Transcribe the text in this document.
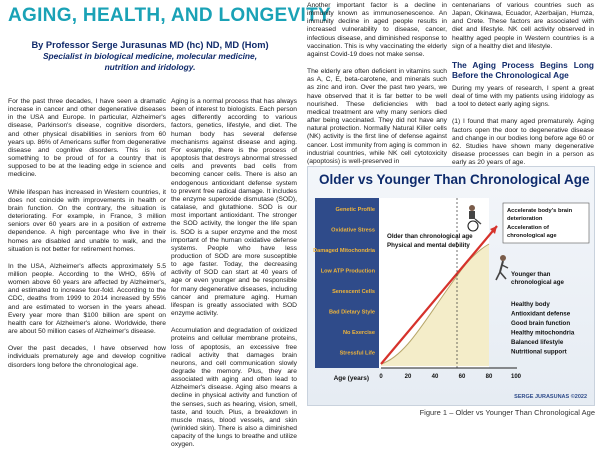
AGING, HEALTH, AND LONGEVITY

By Professor Serge Jurasunas MD (hc) ND, MD (Hom)

Specialist in biological medicine, molecular medicine,
nutrition and iridology.

For the past three decades, I have seen a dramatic increase in cancer and other degenerative diseases in the USA and Europe. In particular, Alzheimer's disease, Parkinson's disease, cognitive disorders, and other physical disabilities in seniors from 60 years up. 86% of Americans suffer from degenerative disease and cognitive disorders. This is not something to be proud of for a country that is supposed to be at the leading edge in science and medicine.

While lifespan has increased in Western countries, it does not coincide with improvements in health or brain function. On the contrary, the situation is deteriorating. For example, in France, 3 million seniors over 60 years are in a position of extreme dependence. A high percentage who live in their homes are disabled and unable to walk, and the situation is not better for retirement homes.

In the USA, Alzheimer's affects approximately 5.5 million people. According to the WHO, 65% of women above 60 years are affected by Alzheimer's, and estimated to increase four-fold. According to the CDC, deaths from 1999 to 2014 increased by 55% and are estimated to worsen in the years ahead. Every year more than $100 billion are spent on health care for Alzheimer's alone. Worldwide, there are about 50 million cases of Alzheimer's disease.

Over the past decades, I have observed how individuals prematurely age and develop cognitive disorders long before the chronological age.

Aging is a normal process that has always been of interest to biologists. Each person ages differently according to various factors, genetics, lifestyle, and diet. The human body has several defense mechanisms against disease and aging. For example, there is the process of apoptosis that destroys abnormal stressed cells and prevents bad cells from becoming cancer cells. There is also an endogenous antioxidant defense system to prevent free radical damage. It includes the enzyme superoxide dismutase (SOD), catalase, and glutathione. SOD is our most important antioxidant. The stronger the SOD activity, the longer the life span is. SOD is a super enzyme and the most important of the human oxidative defense systems. People who have less production of SOD are more susceptible to age faster. Today, the decreasing activity of SOD can start at 40 years of age or even younger and be responsible for many degenerative diseases, including cancer and premature aging. Human lifespan is greatly associated with SOD enzyme activity.

Accumulation and degradation of oxidized proteins and cellular membrane proteins, loss of apoptosis, an excessive free radical activity that damages brain neurons, and cell communication slowly degrade the memory. Plus, they are associated with aging and often lead to Alzheimer's disease. Aging also means a decline in physical activity and function of the senses, such as hearing, vision, smell, taste, and touch. Plus, a breakdown in muscle mass, blood vessels, and skin (wrinkled skin). There is also a diminished capacity of the lungs to breathe and utilize oxygen.

Another important factor is a decline in immunity known as immunosenescence. An immunity decline in aged people results in increased vulnerability to disease, cancer, infectious disease, and diminished response to vaccination. This is why vaccinating the elderly against Covid-19 does not make sense.

The elderly are often deficient in vitamins such as A, C, E, beta-carotene, and minerals such as zinc and iron. Over the past two years, we have observed that it is far better to be well nourished. These deficiencies with bad medical treatment are why many seniors died after being vaccinated. They did not have any natural protection. Normally Natural Killer cells (NK) activity is the first line of defense against cancer. Lost immunity from aging is common in industrial countries, while NK cell cytotoxicity (apoptosis) is well-preserved in

centenarians of various countries such as Japan, Okinawa, Ecuador, Azerbaijan, Humza, and Crete. These factors are associated with diet and lifestyle. NK cell activity observed in healthy aged people in Western countries is a sign of a healthy diet and lifestyle.

The Aging Process Begins Long Before the Chronological Age

During my years of research, I spent a great deal of time with my patients using iridology as a tool to detect early aging signs.

(1) I found that many aged prematurely. Aging factors open the door to degenerative disease and change in our bodies long before age 60 or 62. Studies have shown many degenerative disease processes can begin in a person as early as 20 years of age.

Older vs Younger Than Chronological Age
Genetic Profile
Oxidative Stress
Damaged Mitochondria
Low ATP Production
Senescent Cells
Bad Dietary Style
No Exercise
Stressful Life
0	20	40	60	80	100
Age (years)
Older than chronological age
Physical and mental debility
Accelerate body's brain
deterioration
Acceleration of
chronological age
Younger than
chronological age
Healthy body
Antioxidant defense
Good brain function
Healthy mitochondria
Balanced lifestyle
Nutritional support
SERGE JURASUNAS ©2022

Figure 1 – Older vs Younger Than Chronological Age
